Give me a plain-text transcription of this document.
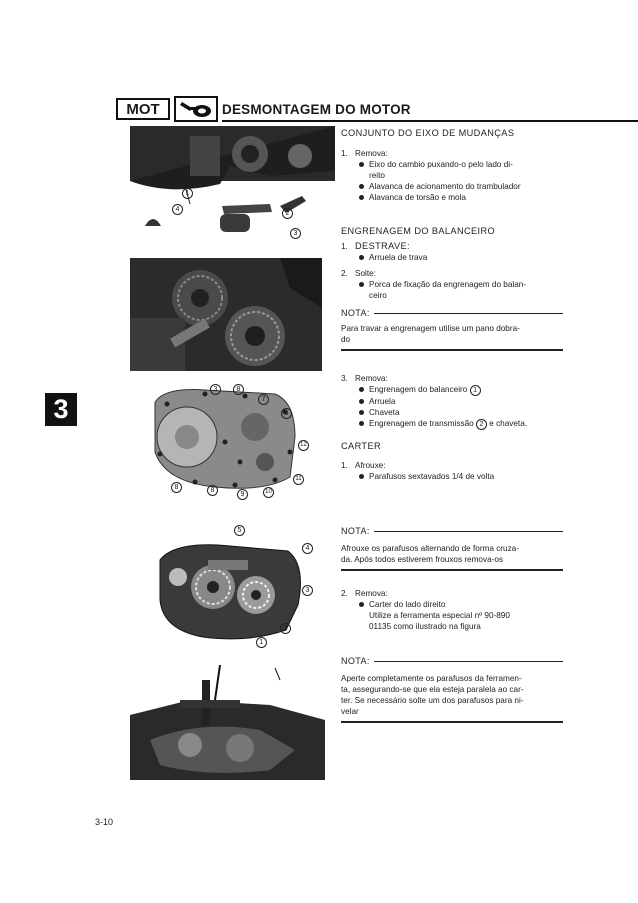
MOT	DESMONTAGEM DO MOTOR
3
1
4
2
3
3	8
7
6
12
11
10
9
8
8
5
4
3
2
1
CONJUNTO DO EIXO DE MUDANÇAS
1. Remova:
Eixo do cambio puxando-o pelo lado di-
reito
Alavanca de acionamento do trambulador
Alavanca de torsão e mola
ENGRENAGEM DO BALANCEIRO
1. DESTRAVE:
Arruela de trava
2. Solte:
Porca de fixação da engrenagem do balan-
ceiro
NOTA:
Para travar a engrenagem utilise um pano dobra-
do
3. Remova:
Engrenagem do balanceiro 1
Arruela
Chaveta
Engrenagem de transmissão 2 e chaveta.
CARTER
1. Afrouxe:
Parafusos sextavados 1/4 de volta
NOTA:
Afrouxe os parafusos alternando de forma cruza-
da. Após todos estiverem frouxos remova-os
2. Remova:
Carter do lado direito
Utilize a ferramenta especial nº 90-890
01135 como ilustrado na figura
NOTA:
Aperte completamente os parafusos da ferramen-
ta, assegurando-se que ela esteja paralela ao car-
ter. Se necessário solte um dos parafusos para ni-
velar
3-10
